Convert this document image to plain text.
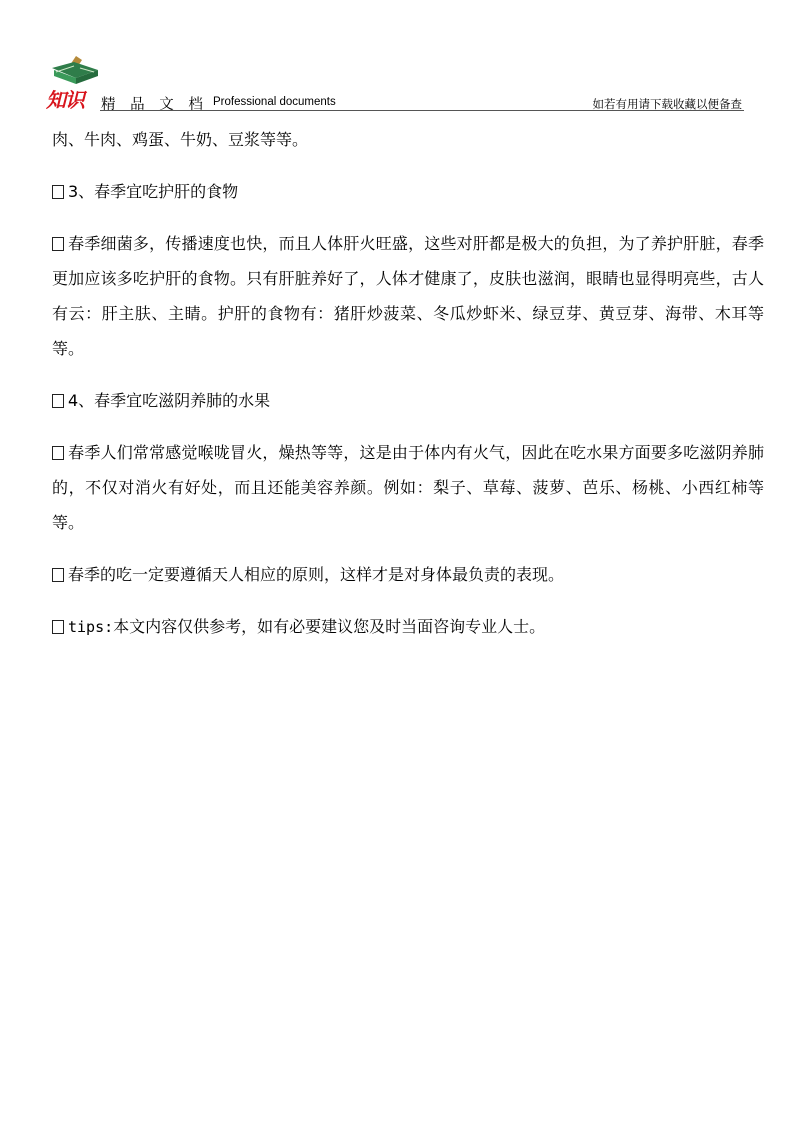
知识 精 品 文 档 Professional documents	如若有用请下载收藏以便备查

肉、牛肉、鸡蛋、牛奶、豆浆等等。

3、春季宜吃护肝的食物

春季细菌多，传播速度也快，而且人体肝火旺盛，这些对肝都是极大的负担，为了养护肝脏，春季更加应该多吃护肝的食物。只有肝脏养好了，人体才健康了，皮肤也滋润，眼睛也显得明亮些，古人有云：肝主肤、主睛。护肝的食物有：猪肝炒菠菜、冬瓜炒虾米、绿豆芽、黄豆芽、海带、木耳等等。

4、春季宜吃滋阴养肺的水果

春季人们常常感觉喉咙冒火，燥热等等，这是由于体内有火气，因此在吃水果方面要多吃滋阴养肺的，不仅对消火有好处，而且还能美容养颜。例如：梨子、草莓、菠萝、芭乐、杨桃、小西红柿等等。

春季的吃一定要遵循天人相应的原则，这样才是对身体最负责的表现。

tips:本文内容仅供参考，如有必要建议您及时当面咨询专业人士。
